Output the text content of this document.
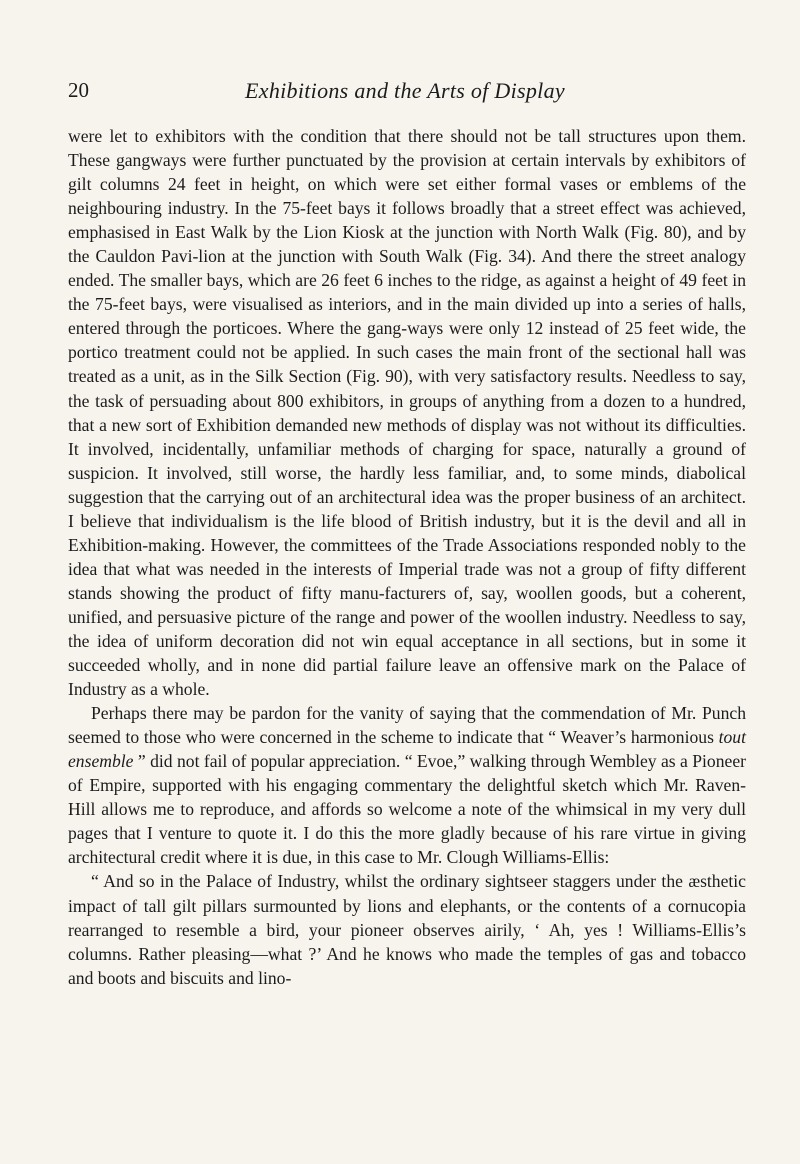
20	Exhibitions and the Arts of Display

were let to exhibitors with the condition that there should not be tall structures upon them. These gangways were further punctuated by the provision at certain intervals by exhibitors of gilt columns 24 feet in height, on which were set either formal vases or emblems of the neighbouring industry. In the 75-feet bays it follows broadly that a street effect was achieved, emphasised in East Walk by the Lion Kiosk at the junction with North Walk (Fig. 80), and by the Cauldon Pavi-lion at the junction with South Walk (Fig. 34). And there the street analogy ended. The smaller bays, which are 26 feet 6 inches to the ridge, as against a height of 49 feet in the 75-feet bays, were visualised as interiors, and in the main divided up into a series of halls, entered through the porticoes. Where the gang-ways were only 12 instead of 25 feet wide, the portico treatment could not be applied. In such cases the main front of the sectional hall was treated as a unit, as in the Silk Section (Fig. 90), with very satisfactory results. Needless to say, the task of persuading about 800 exhibitors, in groups of anything from a dozen to a hundred, that a new sort of Exhibition demanded new methods of display was not without its difficulties. It involved, incidentally, unfamiliar methods of charging for space, naturally a ground of suspicion. It involved, still worse, the hardly less familiar, and, to some minds, diabolical suggestion that the carrying out of an architectural idea was the proper business of an architect. I believe that individualism is the life blood of British industry, but it is the devil and all in Exhibition-making. However, the committees of the Trade Associations responded nobly to the idea that what was needed in the interests of Imperial trade was not a group of fifty different stands showing the product of fifty manu-facturers of, say, woollen goods, but a coherent, unified, and persuasive picture of the range and power of the woollen industry. Needless to say, the idea of uniform decoration did not win equal acceptance in all sections, but in some it succeeded wholly, and in none did partial failure leave an offensive mark on the Palace of Industry as a whole.

Perhaps there may be pardon for the vanity of saying that the commendation of Mr. Punch seemed to those who were concerned in the scheme to indicate that “ Weaver’s harmonious tout ensemble ” did not fail of popular appreciation. “ Evoe,” walking through Wembley as a Pioneer of Empire, supported with his engaging commentary the delightful sketch which Mr. Raven-Hill allows me to reproduce, and affords so welcome a note of the whimsical in my very dull pages that I venture to quote it. I do this the more gladly because of his rare virtue in giving architectural credit where it is due, in this case to Mr. Clough Williams-Ellis:

“ And so in the Palace of Industry, whilst the ordinary sightseer staggers under the æsthetic impact of tall gilt pillars surmounted by lions and elephants, or the contents of a cornucopia rearranged to resemble a bird, your pioneer observes airily, ‘ Ah, yes ! Williams-Ellis’s columns. Rather pleasing—what ?’ And he knows who made the temples of gas and tobacco and boots and biscuits and lino-
